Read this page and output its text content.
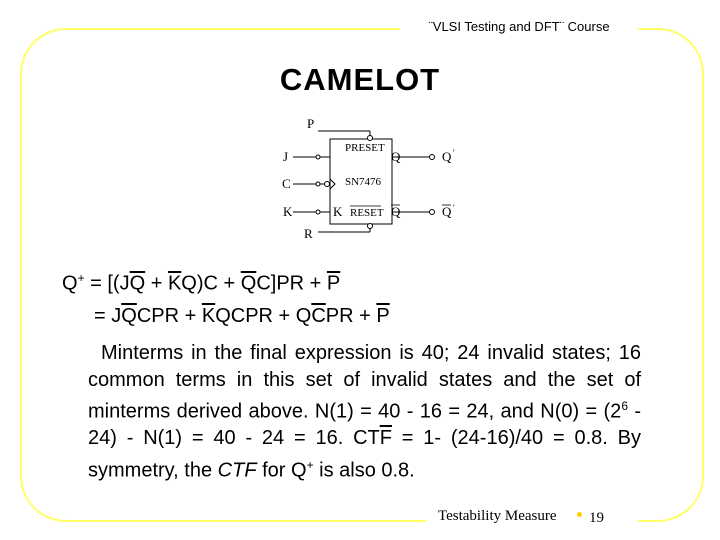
¨VLSI Testing and DFT¨ Course
CAMELOT
P
J
C
K
R
PRESET
Q
SN7476
K RESET Q
Q '
Q '
$Q^+ = [(J\overline{Q} + \overline{K}Q)C + \overline{Q}C]PR + \overline{P}$
= $J\overline{Q}CPR$ + $\overline{K}QCPR + Q\overline{C}PR + \overline{P}$
Minterms in the final expression is 40; 24 invalid states; 16 common terms in this set of invalid states and the set of minterms derived above. N(1) = 40 - 16 = 24, and $N(0) = (2^6 - 24) - N(1) = 40 - 24 = 16$. $CT\overline{F} = 1-$ (24-16)/40 = 0.8. By symmetry, the CTF for Q+ is also 0.8.
Testability Measure 19
